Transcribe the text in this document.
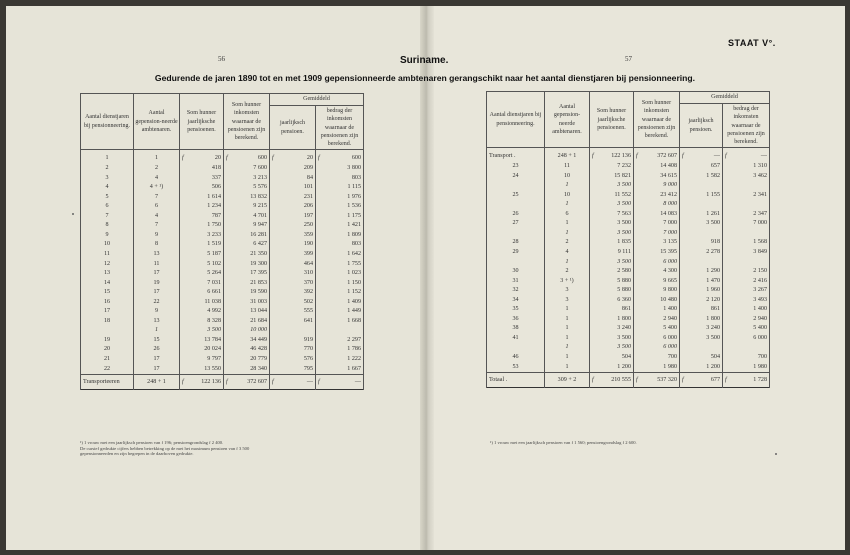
56	57
STAAT V°.
Suriname.
Gedurende de jaren 1890 tot en met 1909 gepensionneerde ambtenaren gerangschikt naar het aantal dienstjaren bij pensionneering.
Aantal dienstjaren bij pensionneering.	Aantal gepension-neerde ambtenaren.	Som hunner jaarlijksche pensioenen.	Som hunner inkomsten waarnaar de pensioenen zijn berekend.	Gemiddeld	
				jaarlijksch pensioen.	bedrag der inkomsten waarnaar de pensioenen zijn berekend.
1	1	f 20	f 600	f 20	f 600
2	2	418	7 600	209	3 800
3	4	337	3 213	84	803
4	4 + ¹)	506	5 576	101	1 115
5	7	1 614	13 832	231	1 976
6	6	1 234	9 215	206	1 536
7	4	787	4 701	197	1 175
8	7	1 750	9 947	250	1 421
9	9	3 233	16 281	359	1 809
10	8	1 519	6 427	190	803
11	13	5 187	21 350	399	1 642
12	11	5 102	19 300	464	1 755
13	17	5 264	17 395	310	1 023
14	19	7 031	21 853	370	1 150
15	17	6 661	19 590	392	1 152
16	22	11 038	31 003	502	1 409
17	9	4 992	13 044	555	1 449
18	13	8 328	21 684	641	1 668
	1	3 500	10 000		
19	15	13 784	34 449	919	2 297
20	26	20 024	46 428	770	1 786
21	17	9 797	20 779	576	1 222
22	17	13 550	28 340	795	1 667
Transporteeren	248 + 1	f 122 136	f 372 607	f —	f —
Aantal dienstjaren bij pensionneering.	Aantal gepension-neerde ambtenaren.	Som hunner jaarlijksche pensioenen.	Som hunner inkomsten waarnaar de pensioenen zijn berekend.	Gemiddeld	
				jaarlijksch pensioen.	bedrag der inkomsten waarnaar de pensioenen zijn berekend.
Transport .	248 + 1	f 122 136	f 372 607	f —	f —
23	11	7 232	14 408	657	1 310
24	10	15 821	34 615	1 582	3 462
	1	3 500	9 000		
25	10	11 552	23 412	1 155	2 341
	1	3 500	8 000		
26	6	7 563	14 083	1 261	2 347
27	1	3 500	7 000	3 500	7 000
	1	3 500	7 000		
28	2	1 835	3 135	918	1 568
29	4	9 111	15 395	2 278	3 849
	1	3 500	6 000		
30	2	2 580	4 300	1 290	2 150
31	3 + ¹)	5 880	9 665	1 470	2 416
32	3	5 880	9 800	1 960	3 267
34	3	6 360	10 480	2 120	3 493
35	1	861	1 400	861	1 400
36	1	1 800	2 940	1 800	2 940
38	1	3 240	5 400	3 240	5 400
41	1	3 500	6 000	3 500	6 000
	1	3 500	6 000		
46	1	504	700	504	700
53	1	1 200	1 980	1 200	1 980
Totaal .	309 + 2	f 210 555	f 537 320	f 677	f 1 728
¹) 1 vrouw met een jaarlijksch pensioen van f 196; pensioengrondslag f 2 400.
De cursief gedrukte cijfers hebben betrekking op de met het maximum pensioen van f 3 500
gepensionneerden en zijn begrepen in de daarboven gedrukte.
¹) 1 vrouw met een jaarlijksch pensioen van f 1 560; pensioengrondslag f 2 600.
